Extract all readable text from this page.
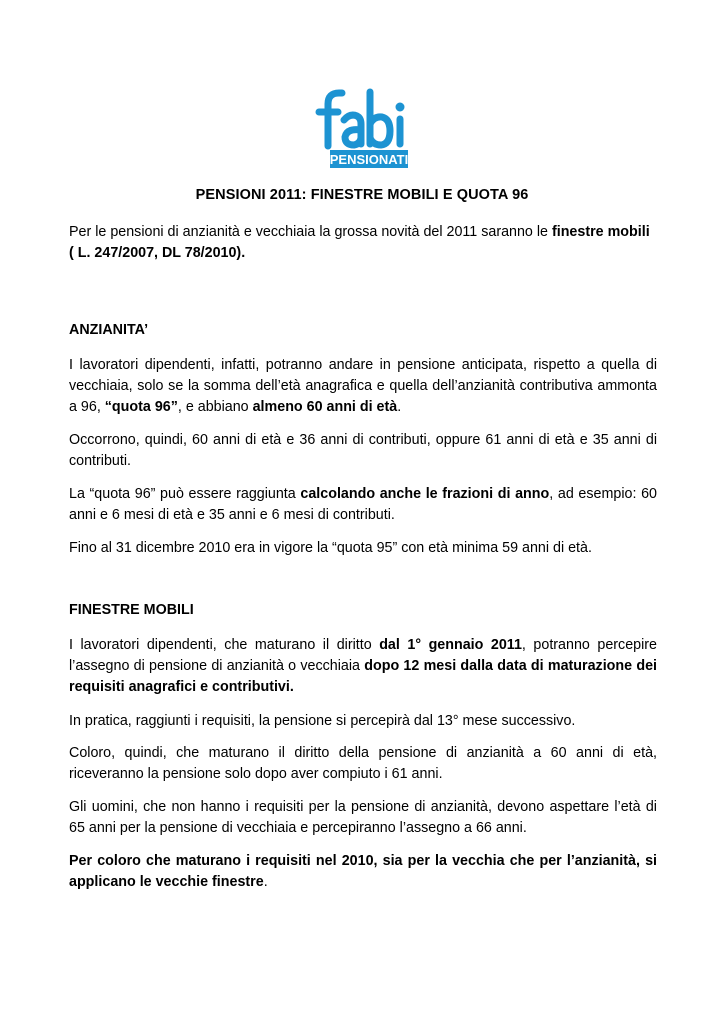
PENSIONATI
PENSIONI 2011: FINESTRE MOBILI E QUOTA 96

Per le pensioni di anzianità e vecchiaia la grossa novità del 2011 saranno le finestre mobili ( L. 247/2007, DL 78/2010).

ANZIANITA’

I lavoratori dipendenti, infatti, potranno andare in pensione anticipata, rispetto a quella di vecchiaia, solo se la somma dell’età anagrafica e quella dell’anzianità contributiva ammonta a 96, “quota 96”, e abbiano almeno 60 anni di età.

Occorrono, quindi, 60 anni di età e 36 anni di contributi, oppure 61 anni di età e 35 anni di contributi.

La “quota 96” può essere raggiunta calcolando anche le frazioni di anno, ad esempio: 60 anni e 6 mesi di età e 35 anni e 6 mesi di contributi.

Fino al 31 dicembre 2010 era in vigore la “quota 95” con età minima 59 anni di età.

FINESTRE MOBILI

I lavoratori dipendenti, che maturano il diritto dal 1° gennaio 2011, potranno percepire l’assegno di pensione di anzianità o vecchiaia dopo 12 mesi dalla data di maturazione dei requisiti anagrafici e contributivi.

In pratica, raggiunti i requisiti, la pensione si percepirà dal 13° mese successivo.

Coloro, quindi, che maturano il diritto della pensione di anzianità a 60 anni di età, riceveranno la pensione solo dopo aver compiuto i 61 anni.

Gli uomini, che non hanno i requisiti per la pensione di anzianità, devono aspettare l’età di 65 anni per la pensione di vecchiaia e percepiranno l’assegno a 66 anni.

Per coloro che maturano i requisiti nel 2010, sia per la vecchia che per l’anzianità, si applicano le vecchie finestre.
